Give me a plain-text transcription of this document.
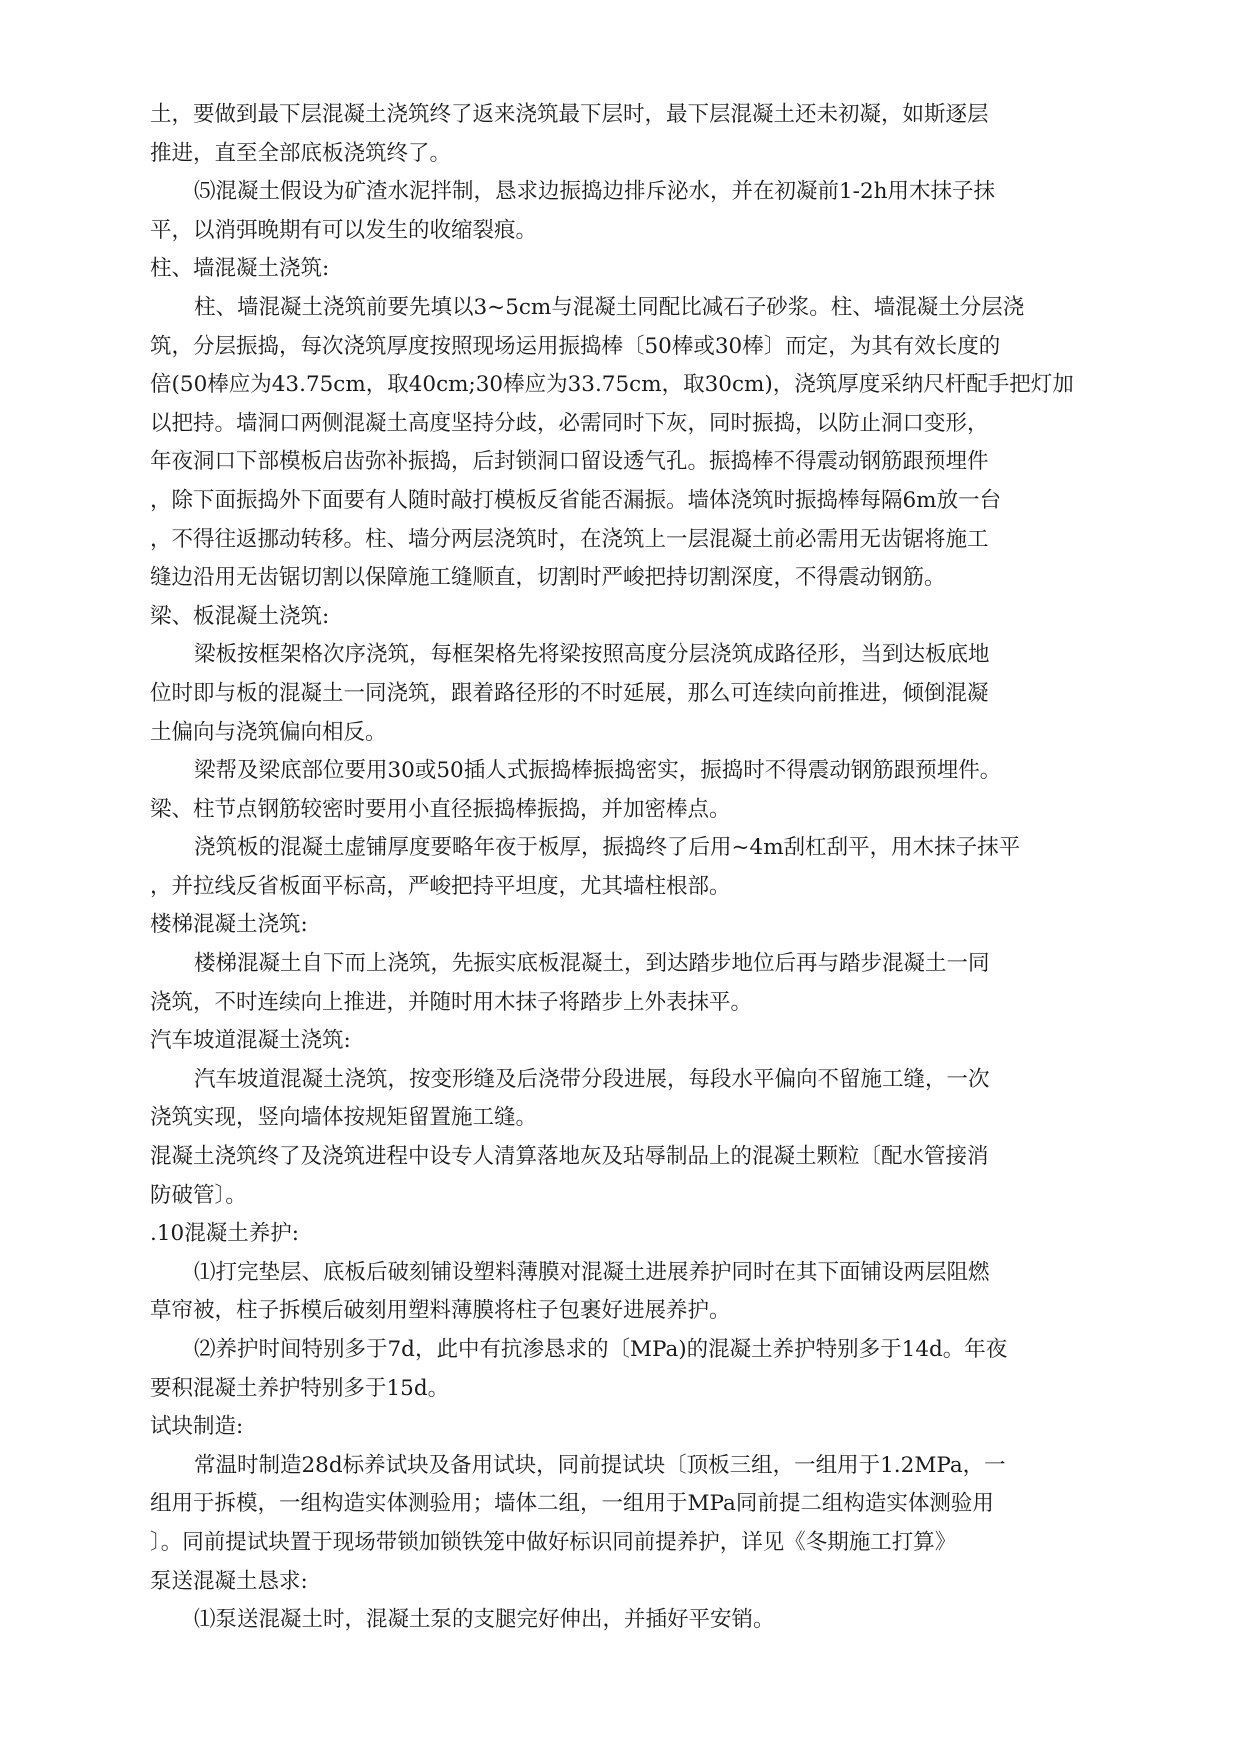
土，要做到最下层混凝土浇筑终了返来浇筑最下层时，最下层混凝土还未初凝，如斯逐层
推进，直至全部底板浇筑终了。

⑸混凝土假设为矿渣水泥拌制，恳求边振捣边排斥泌水，并在初凝前1-2h用木抹子抹
平，以消弭晚期有可以发生的收缩裂痕。

柱、墙混凝土浇筑:

柱、墙混凝土浇筑前要先填以3~5cm与混凝土同配比减石子砂浆。柱、墙混凝土分层浇
筑，分层振捣，每次浇筑厚度按照现场运用振捣棒〔50棒或30棒〕而定，为其有效长度的
倍(50棒应为43.75cm，取40cm;30棒应为33.75cm，取30cm)，浇筑厚度采纳尺杆配手把灯加
以把持。墙洞口两侧混凝土高度坚持分歧，必需同时下灰，同时振捣，以防止洞口变形，
年夜洞口下部模板启齿弥补振捣，后封锁洞口留设透气孔。振捣棒不得震动钢筋跟预埋件
，除下面振捣外下面要有人随时敲打模板反省能否漏振。墙体浇筑时振捣棒每隔6m放一台
，不得往返挪动转移。柱、墙分两层浇筑时，在浇筑上一层混凝土前必需用无齿锯将施工
缝边沿用无齿锯切割以保障施工缝顺直，切割时严峻把持切割深度，不得震动钢筋。

梁、板混凝土浇筑:

梁板按框架格次序浇筑，每框架格先将梁按照高度分层浇筑成路径形，当到达板底地
位时即与板的混凝土一同浇筑，跟着路径形的不时延展，那么可连续向前推进，倾倒混凝
土偏向与浇筑偏向相反。

梁帮及梁底部位要用30或50插人式振捣棒振捣密实，振捣时不得震动钢筋跟预埋件。

梁、柱节点钢筋较密时要用小直径振捣棒振捣，并加密棒点。

浇筑板的混凝土虚铺厚度要略年夜于板厚，振捣终了后用~4m刮杠刮平，用木抹子抹平
，并拉线反省板面平标高，严峻把持平坦度，尤其墙柱根部。

楼梯混凝土浇筑:

楼梯混凝土自下而上浇筑，先振实底板混凝土，到达踏步地位后再与踏步混凝土一同
浇筑，不时连续向上推进，并随时用木抹子将踏步上外表抹平。

汽车坡道混凝土浇筑:

汽车坡道混凝土浇筑，按变形缝及后浇带分段进展，每段水平偏向不留施工缝，一次
浇筑实现，竖向墙体按规矩留置施工缝。

混凝土浇筑终了及浇筑进程中设专人清算落地灰及玷辱制品上的混凝土颗粒〔配水管接消
防破管〕。

.10混凝土养护:

⑴打完垫层、底板后破刻铺设塑料薄膜对混凝土进展养护同时在其下面铺设两层阻燃
草帘被，柱子拆模后破刻用塑料薄膜将柱子包裹好进展养护。

⑵养护时间特别多于7d，此中有抗渗恳求的〔MPa)的混凝土养护特别多于14d。年夜
要积混凝土养护特别多于15d。

试块制造:

常温时制造28d标养试块及备用试块，同前提试块〔顶板三组，一组用于1.2MPa，一
组用于拆模，一组构造实体测验用；墙体二组，一组用于MPa同前提二组构造实体测验用
〕。同前提试块置于现场带锁加锁铁笼中做好标识同前提养护，详见《冬期施工打算》

泵送混凝土恳求:

⑴泵送混凝土时，混凝土泵的支腿完好伸出，并插好平安销。
